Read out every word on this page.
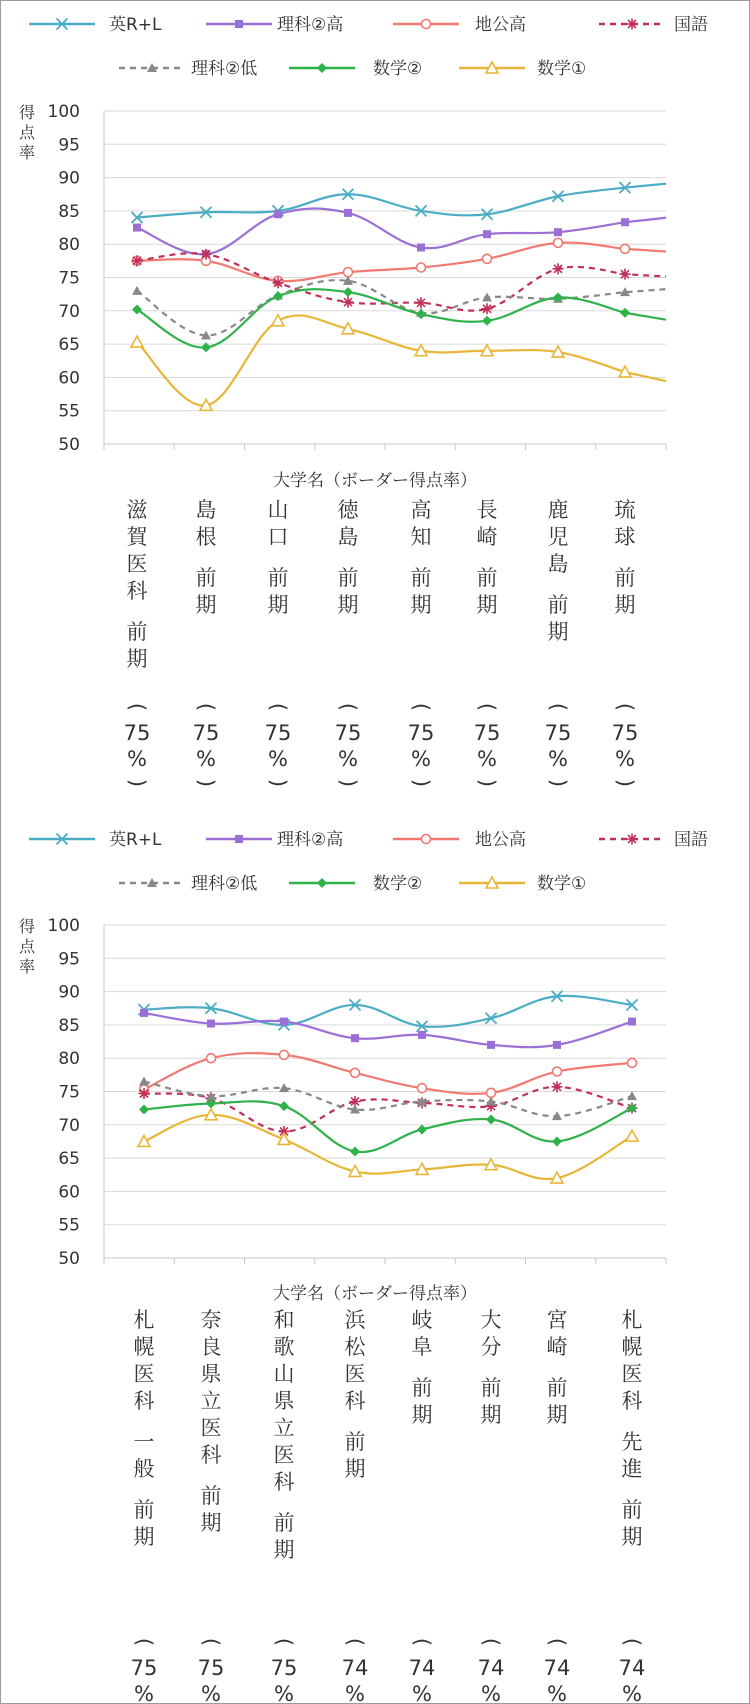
英R+L	理科②高	地公高	国語
理科②低	数学②	数学①
得
点
率
100
95
90
85
80
75
70
65
60
55
50
大学名（ボーダー得点率）
滋
賀
医
科
前
期
(
75
%
)
島
根
前
期
(
75
%
)
山
口
前
期
(
75
%
)
徳
島
前
期
(
75
%
)
高
知
前
期
(
75
%
)
長
崎
前
期
(
75
%
)
鹿
児
島
前
期
(
75
%
)
琉
球
前
期
(
75
%
)
英R+L	理科②高	地公高	国語
理科②低	数学②	数学①
得
点
率
100
95
90
85
80
75
70
65
60
55
50
大学名（ボーダー得点率）
札
幌
医
科
一
般
前
期
(
75
%
奈
良
県
立
医
科
前
期
(
75
%
和
歌
山
県
立
医
科
前
期
(
75
%
浜
松
医
科
前
期
(
74
%
岐
阜
前
期
(
74
%
大
分
前
期
(
74
%
宮
崎
前
期
(
74
%
札
幌
医
科
先
進
前
期
(
74
%
